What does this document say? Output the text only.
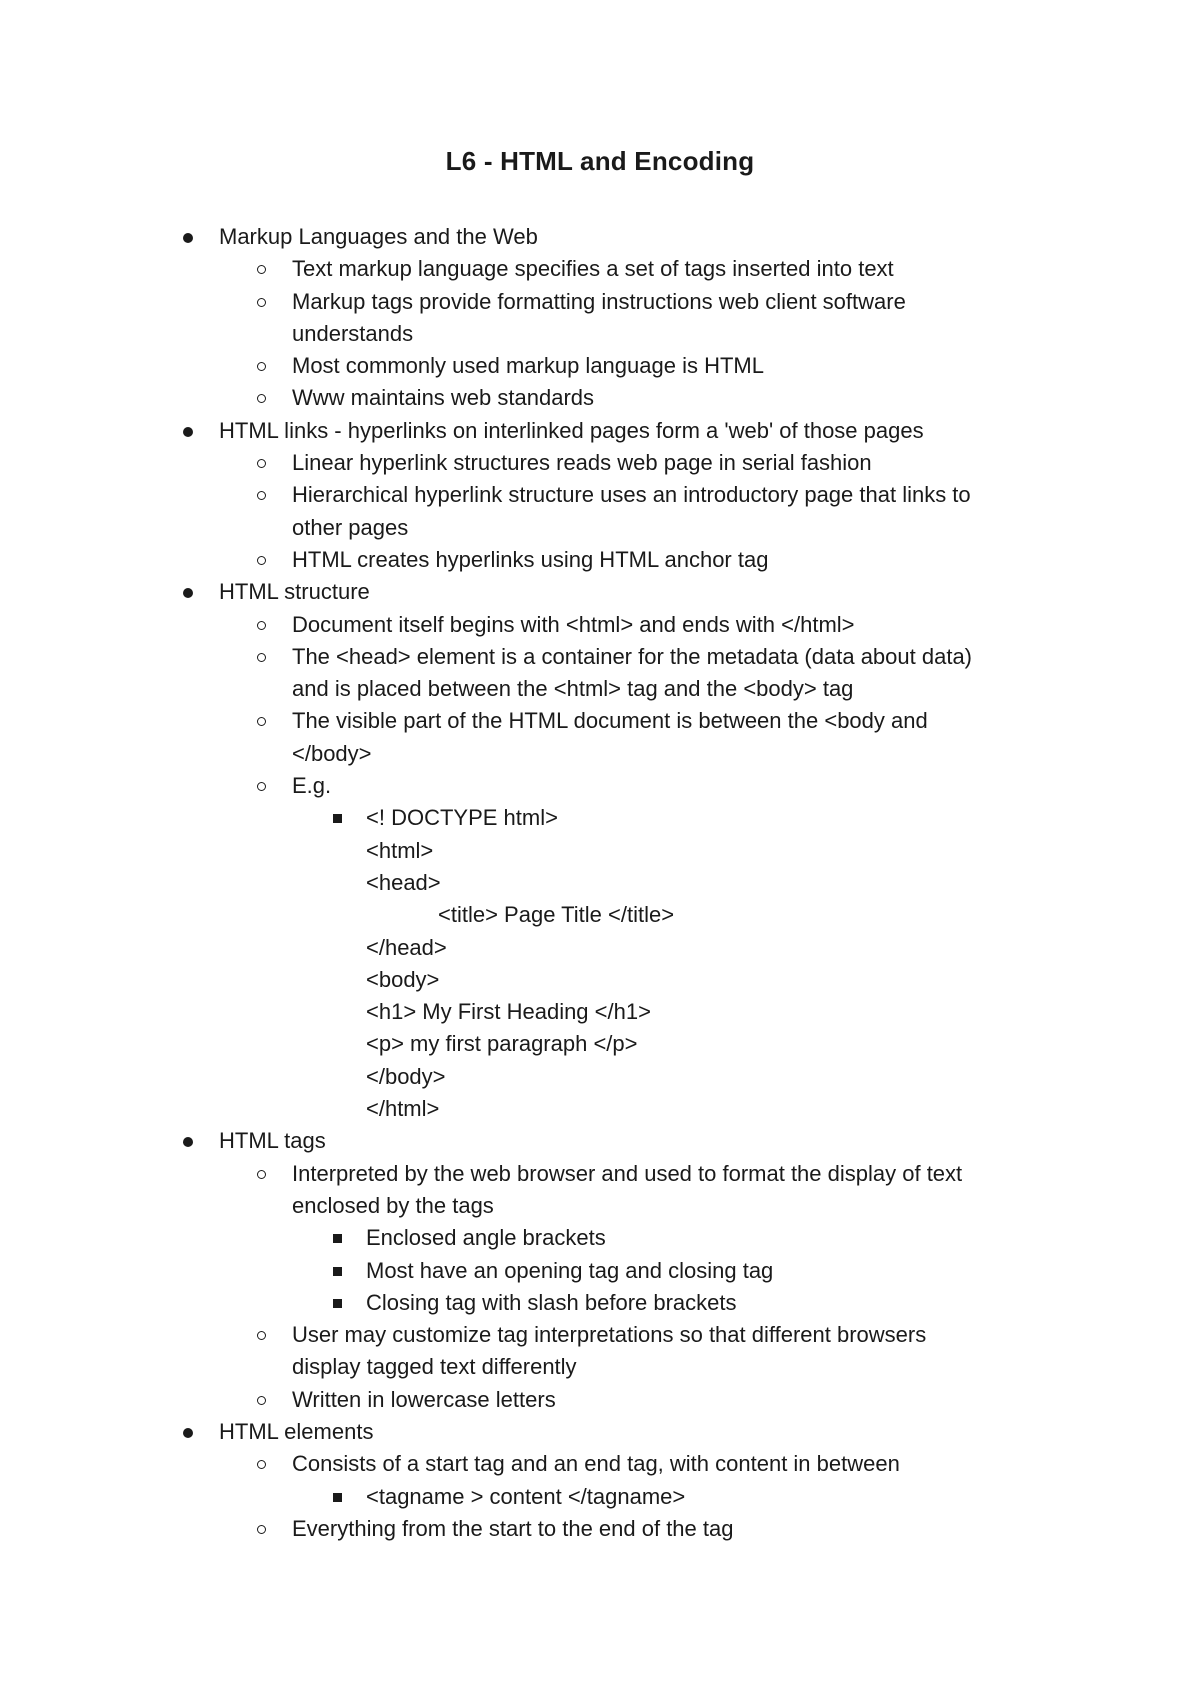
L6 - HTML and Encoding
Markup Languages and the Web
Text markup language specifies a set of tags inserted into text
Markup tags provide formatting instructions web client software
understands
Most commonly used markup language is HTML
Www maintains web standards
HTML links - hyperlinks on interlinked pages form a 'web' of those pages
Linear hyperlink structures reads web page in serial fashion
Hierarchical hyperlink structure uses an introductory page that links to
other pages
HTML creates hyperlinks using HTML anchor tag
HTML structure
Document itself begins with <html> and ends with </html>
The <head> element is a container for the metadata (data about data)
and is placed between the <html> tag and the <body> tag
The visible part of the HTML document is between the <body and
</body>
E.g.
<! DOCTYPE html>
<html>
<head>
<title> Page Title </title>
</head>
<body>
<h1> My First Heading </h1>
<p> my first paragraph </p>
</body>
</html>
HTML tags
Interpreted by the web browser and used to format the display of text
enclosed by the tags
Enclosed angle brackets
Most have an opening tag and closing tag
Closing tag with slash before brackets
User may customize tag interpretations so that different browsers
display tagged text differently
Written in lowercase letters
HTML elements
Consists of a start tag and an end tag, with content in between
<tagname > content </tagname>
Everything from the start to the end of the tag
